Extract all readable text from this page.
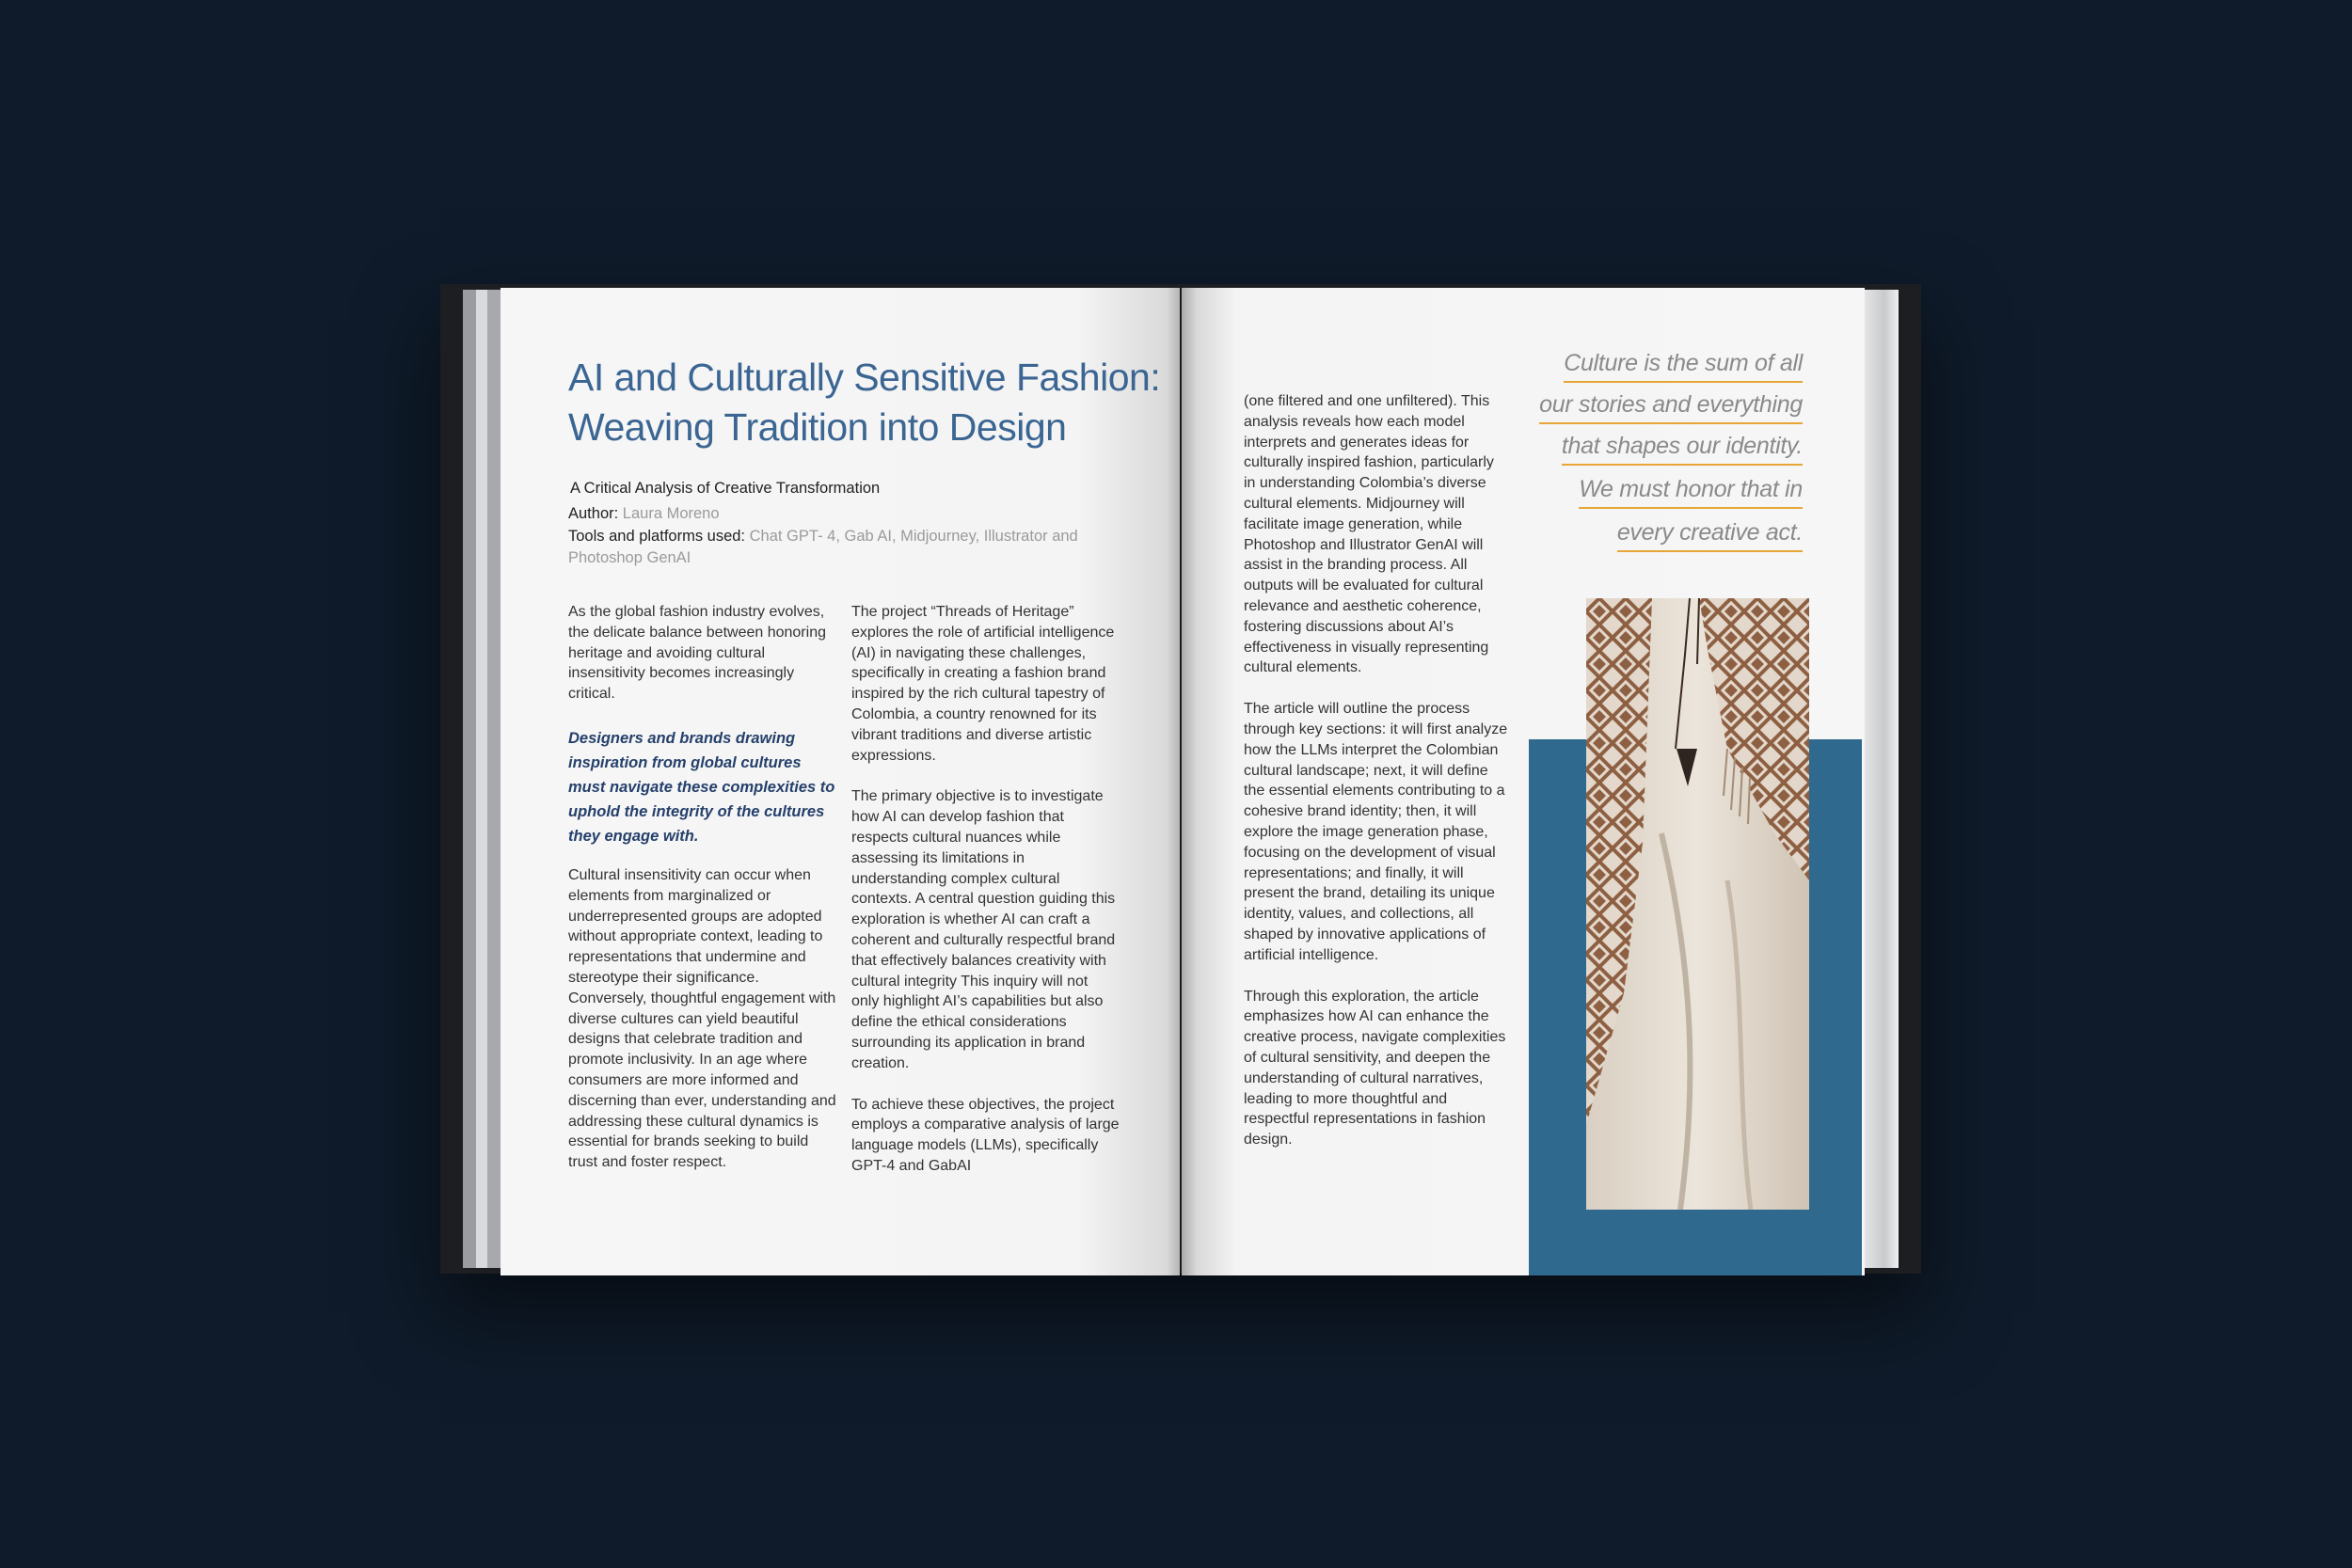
AI and Culturally Sensitive Fashion:
Weaving Tradition into Design
A Critical Analysis of Creative Transformation
Author: Laura Moreno
Tools and platforms used: Chat GPT- 4, Gab AI, Midjourney, Illustrator and
Photoshop GenAI

As the global fashion industry evolves, the delicate balance between honoring heritage and avoiding cultural insensitivity becomes increasingly critical.

Designers and brands drawing inspiration from global cultures must navigate these complexities to uphold the integrity of the cultures they engage with.

Cultural insensitivity can occur when elements from marginalized or underrepresented groups are adopted without appropriate context, leading to representations that undermine and stereotype their significance. Conversely, thoughtful engagement with diverse cultures can yield beautiful designs that celebrate tradition and promote inclusivity. In an age where consumers are more informed and discerning than ever, understanding and addressing these cultural dynamics is essential for brands seeking to build trust and foster respect.

The project “Threads of Heritage” explores the role of artificial intelligence (AI) in navigating these challenges, specifically in creating a fashion brand inspired by the rich cultural tapestry of Colombia, a country renowned for its vibrant traditions and diverse artistic expressions.

The primary objective is to investigate how AI can develop fashion that respects cultural nuances while assessing its limitations in understanding complex cultural contexts. A central question guiding this exploration is whether AI can craft a coherent and culturally respectful brand that effectively balances creativity with cultural integrity This inquiry will not only highlight AI’s capabilities but also define the ethical considerations surrounding its application in brand creation.

To achieve these objectives, the project employs a comparative analysis of large language models (LLMs), specifically GPT-4 and GabAI

(one filtered and one unfiltered). This analysis reveals how each model interprets and generates ideas for culturally inspired fashion, particularly in understanding Colombia’s diverse cultural elements. Midjourney will facilitate image generation, while Photoshop and Illustrator GenAI will assist in the branding process. All outputs will be evaluated for cultural relevance and aesthetic coherence, fostering discussions about AI’s effectiveness in visually representing cultural elements.

The article will outline the process through key sections: it will first analyze how the LLMs interpret the Colombian cultural landscape; next, it will define the essential elements contributing to a cohesive brand identity; then, it will explore the image generation phase, focusing on the development of visual representations; and finally, it will present the brand, detailing its unique identity, values, and collections, all shaped by innovative applications of artificial intelligence.

Through this exploration, the article emphasizes how AI can enhance the creative process, navigate complexities of cultural sensitivity, and deepen the understanding of cultural narratives, leading to more thoughtful and respectful representations in fashion design.

Culture is the sum of all
our stories and everything
that shapes our identity.
We must honor that in
every creative act.
